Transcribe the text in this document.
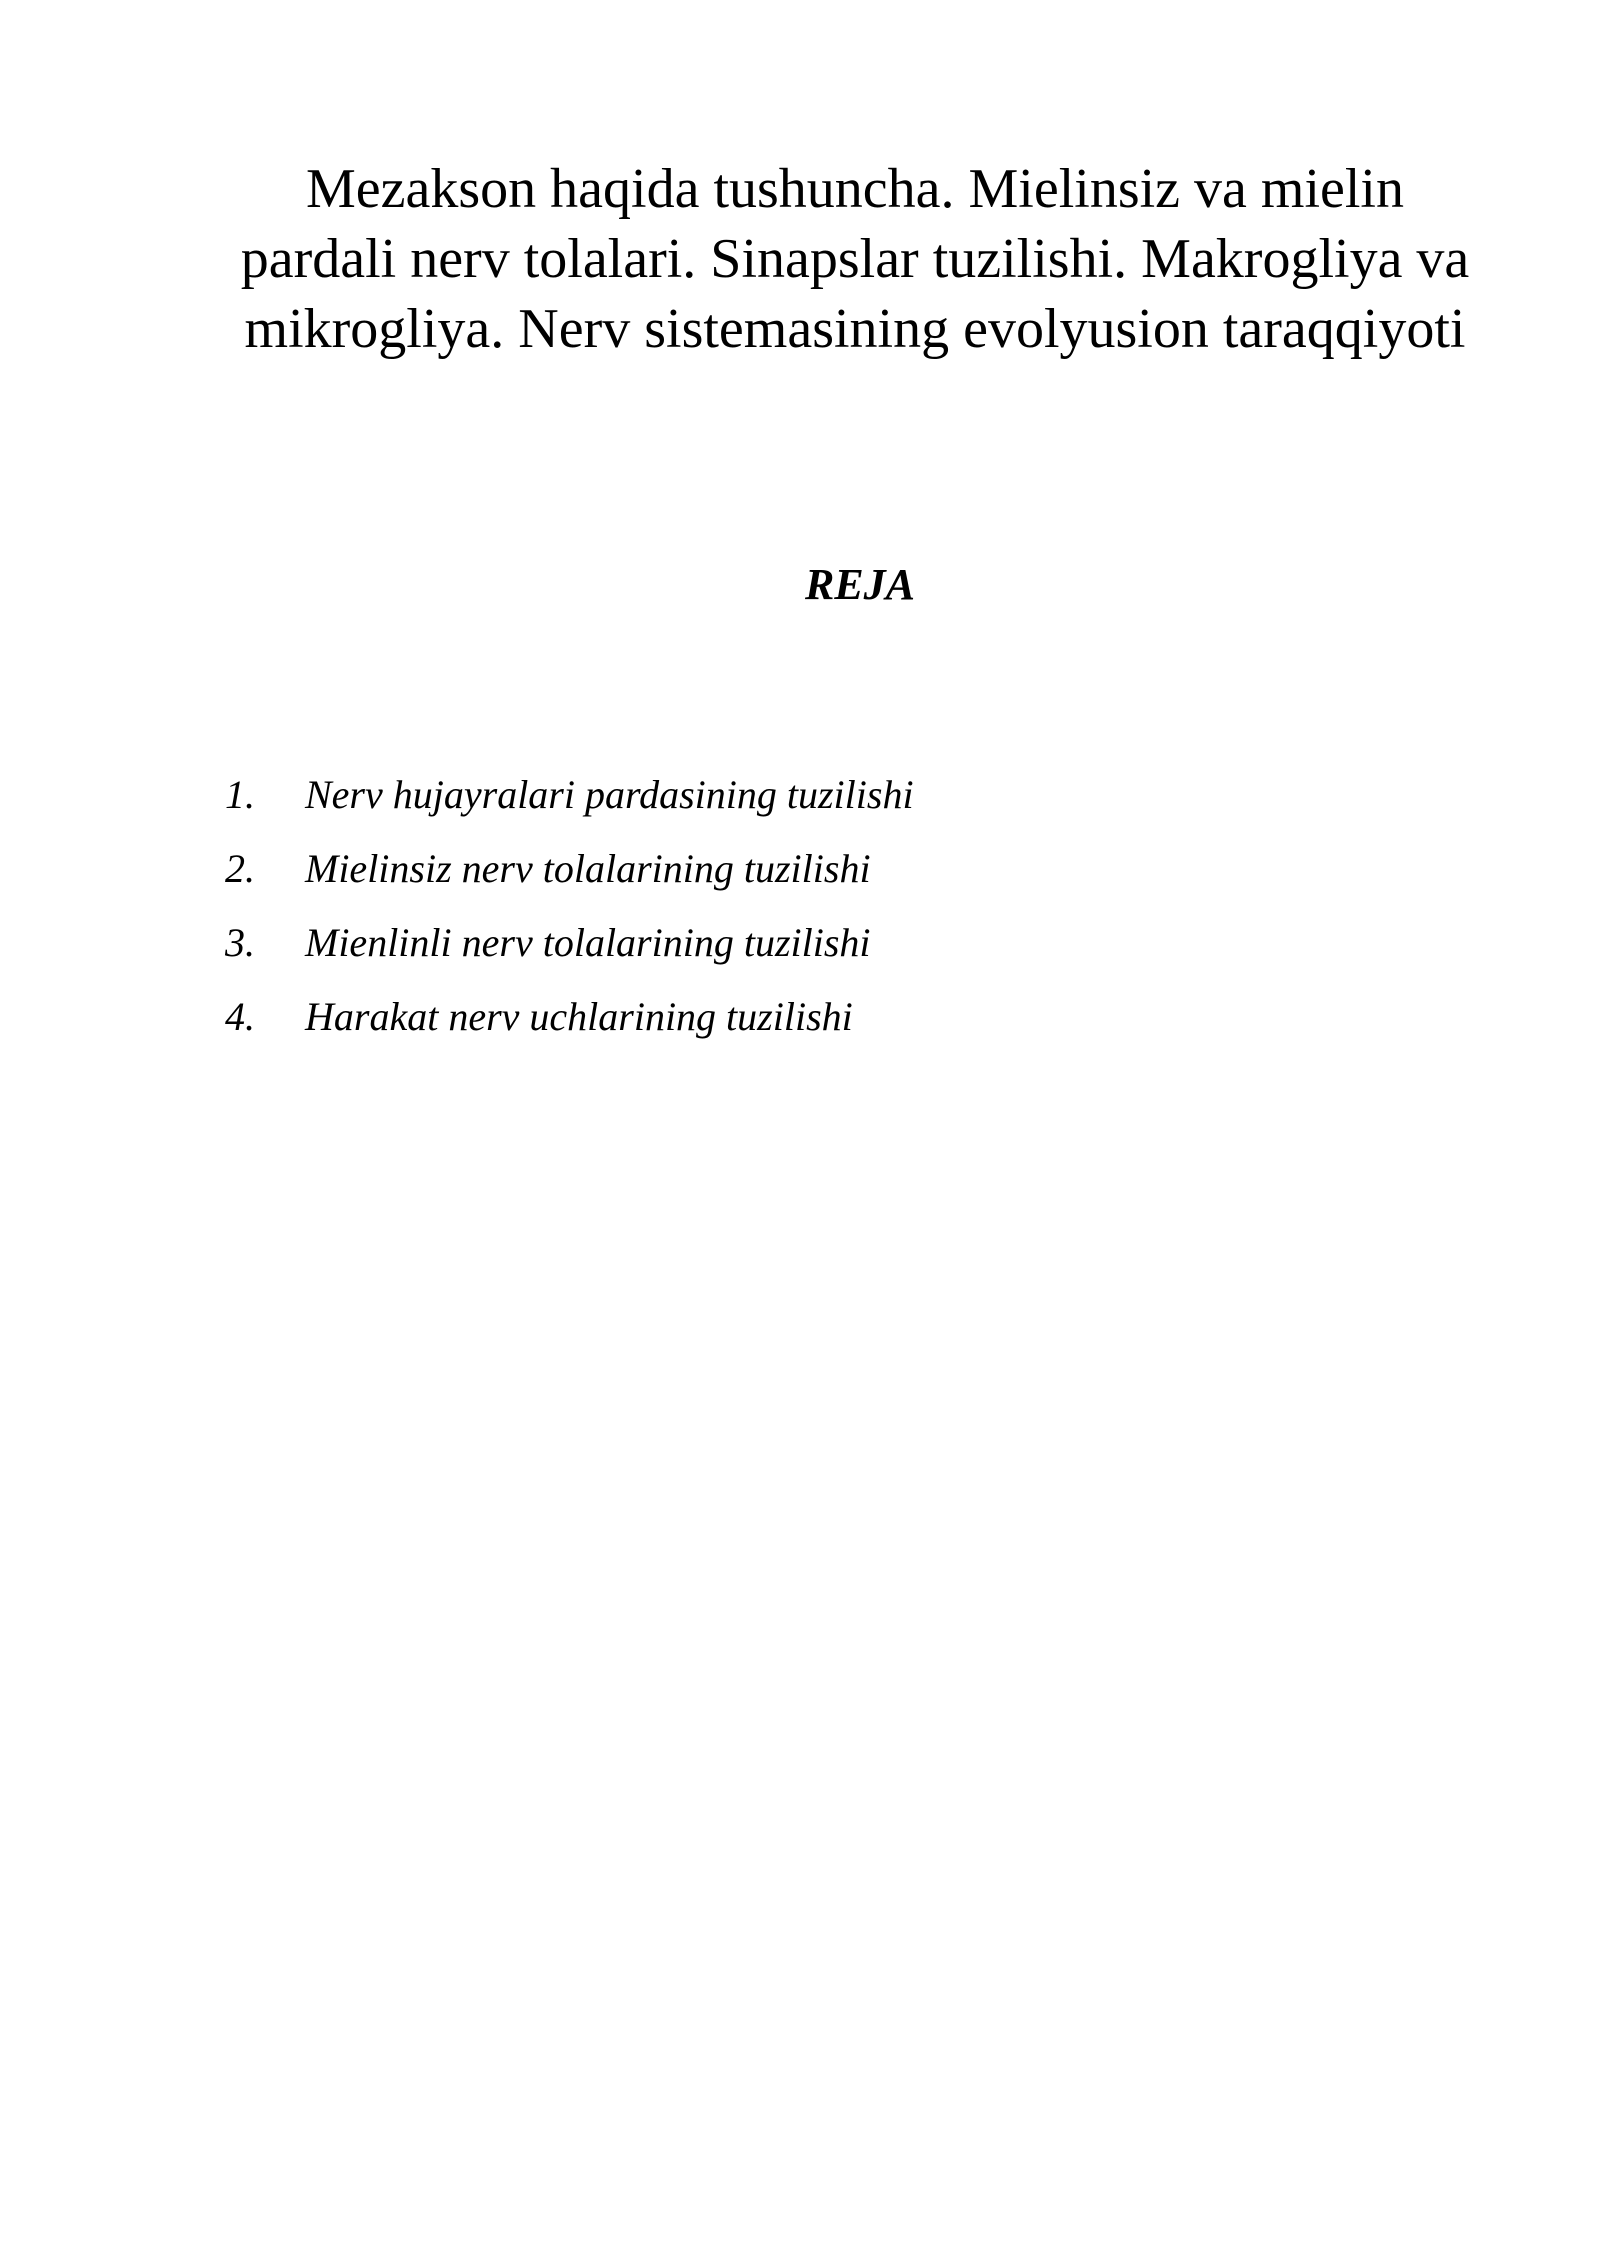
Mezakson haqida tushuncha. Mielinsiz va mielin pardali nerv tolalari. Sinapslar tuzilishi. Makrogliya va mikrogliya. Nerv sistemasining evolyusion taraqqiyoti
REJA
1.	Nerv hujayralari pardasining tuzilishi
2.	Mielinsiz nerv tolalarining tuzilishi
3.	Mienlinli nerv tolalarining tuzilishi
4.	Harakat nerv uchlarining tuzilishi
